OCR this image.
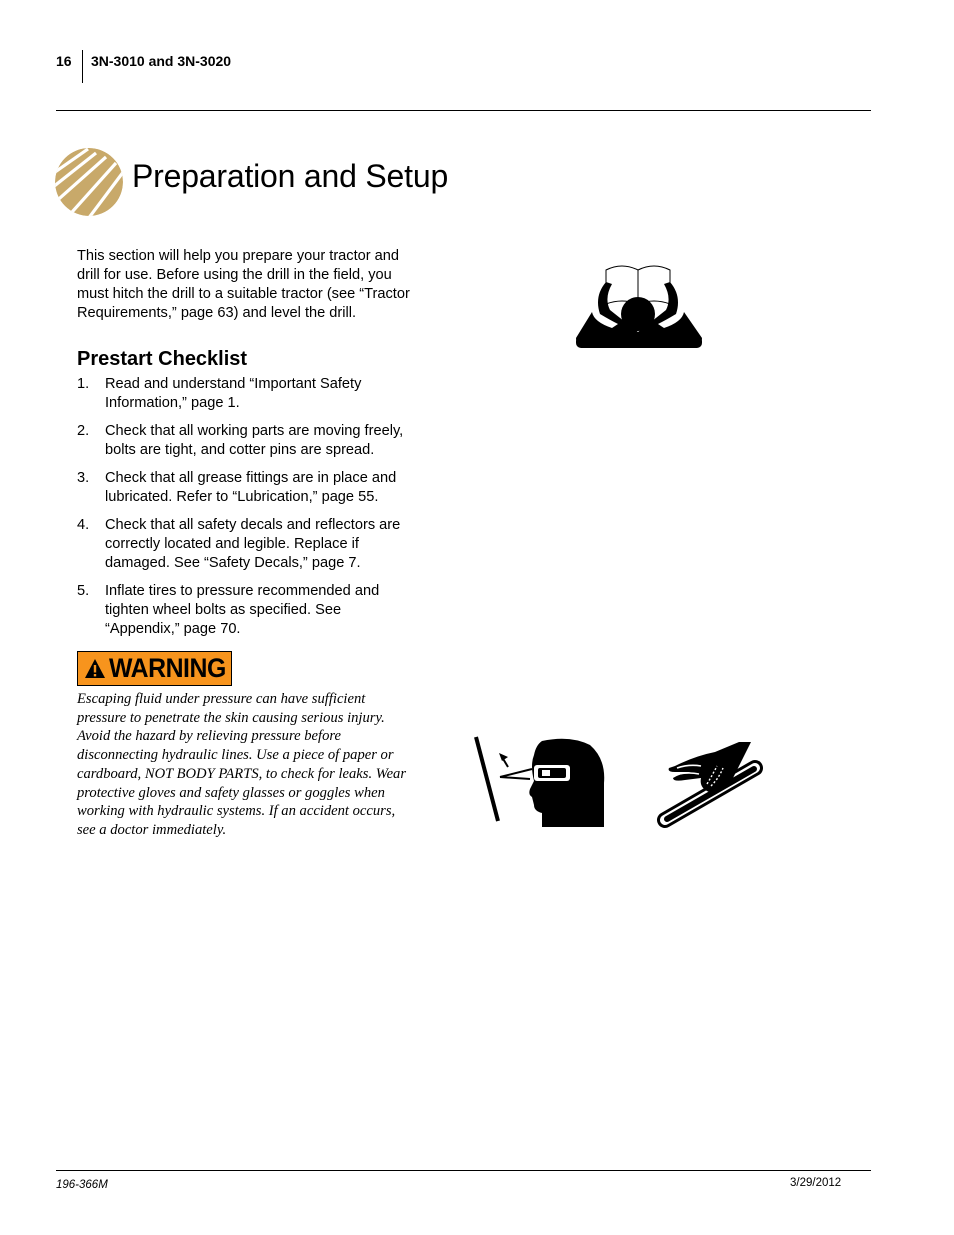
16 3N-3010 and 3N-3020
Preparation and Setup

This section will help you prepare your tractor and drill for use. Before using the drill in the field, you must hitch the drill to a suitable tractor (see “Tractor Requirements,” page 63) and level the drill.

Prestart Checklist
1. Read and understand “Important Safety Information,” page 1.
2. Check that all working parts are moving freely, bolts are tight, and cotter pins are spread.
3. Check that all grease fittings are in place and lubricated. Refer to “Lubrication,” page 55.
4. Check that all safety decals and reflectors are correctly located and legible. Replace if damaged. See “Safety Decals,” page 7.
5. Inflate tires to pressure recommended and tighten wheel bolts as specified. See “Appendix,” page 70.
WARNING

Escaping fluid under pressure can have sufficient pressure to penetrate the skin causing serious injury. Avoid the hazard by relieving pressure before disconnecting hydraulic lines. Use a piece of paper or cardboard, NOT BODY PARTS, to check for leaks. Wear protective gloves and safety glasses or goggles when working with hydraulic systems. If an accident occurs, see a doctor immediately.

196-366M	3/29/2012
